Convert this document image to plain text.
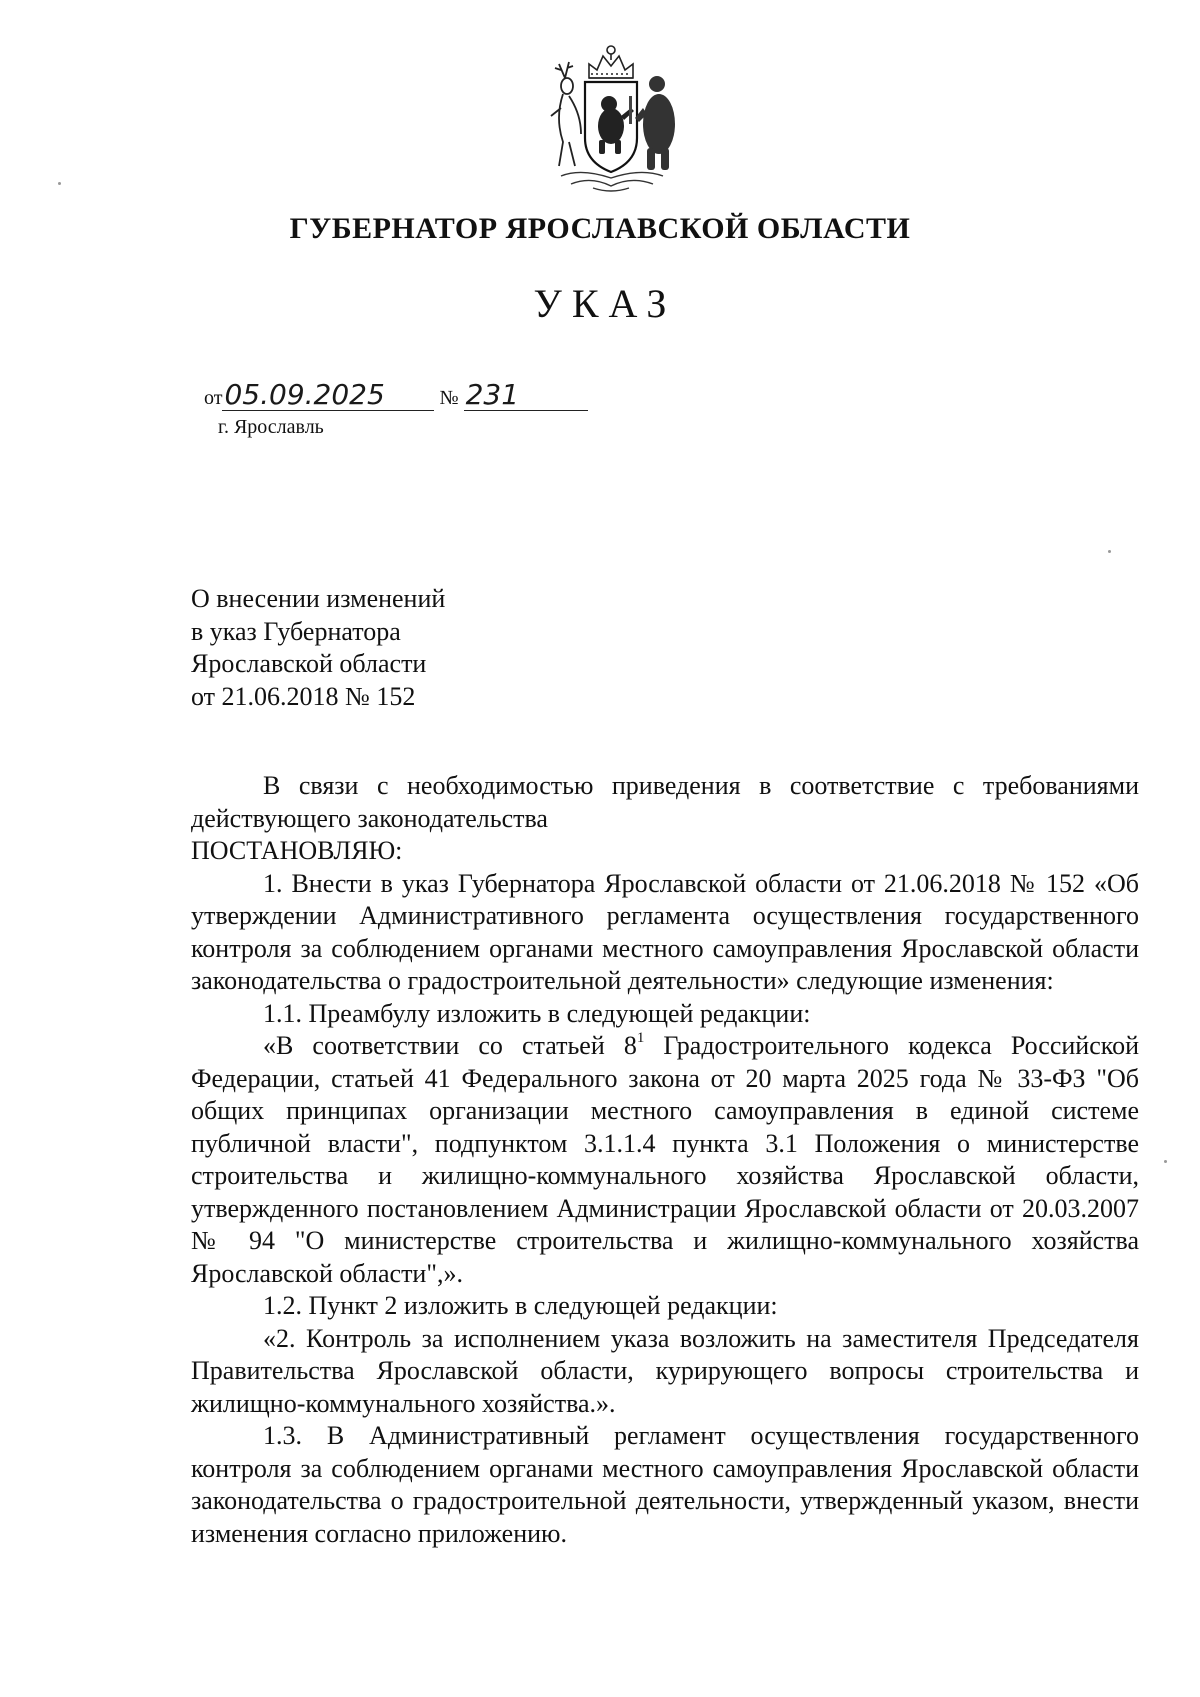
ГУБЕРНАТОР ЯРОСЛАВСКОЙ ОБЛАСТИ
УКАЗ
от05.09.2025	№ 231
г. Ярославль
О внесении изменений
в указ Губернатора
Ярославской области
от 21.06.2018 № 152

В связи с необходимостью приведения в соответствие с требованиями действующего законодательства

ПОСТАНОВЛЯЮ:

1. Внести в указ Губернатора Ярославской области от 21.06.2018 № 152 «Об утверждении Административного регламента осуществления государственного контроля за соблюдением органами местного самоуправления Ярославской области законодательства о градостроительной деятельности» следующие изменения:

1.1. Преамбулу изложить в следующей редакции:

«В соответствии со статьей $8^1$ Градостроительного кодекса Российской Федерации, статьей 41 Федерального закона от 20 марта 2025 года № 33-ФЗ "Об общих принципах организации местного самоуправления в единой системе публичной власти", подпунктом 3.1.1.4 пункта 3.1 Положения о министерстве строительства и жилищно-коммунального хозяйства Ярославской области, утвержденного постановлением Администрации Ярославской области от 20.03.2007 № 94 "О министерстве строительства и жилищно-коммунального хозяйства Ярославской области",».

1.2. Пункт 2 изложить в следующей редакции:

«2. Контроль за исполнением указа возложить на заместителя Председателя Правительства Ярославской области, курирующего вопросы строительства и жилищно-коммунального хозяйства.».

1.3. В Административный регламент осуществления государственного контроля за соблюдением органами местного самоуправления Ярославской области законодательства о градостроительной деятельности, утвержденный указом, внести изменения согласно приложению.
